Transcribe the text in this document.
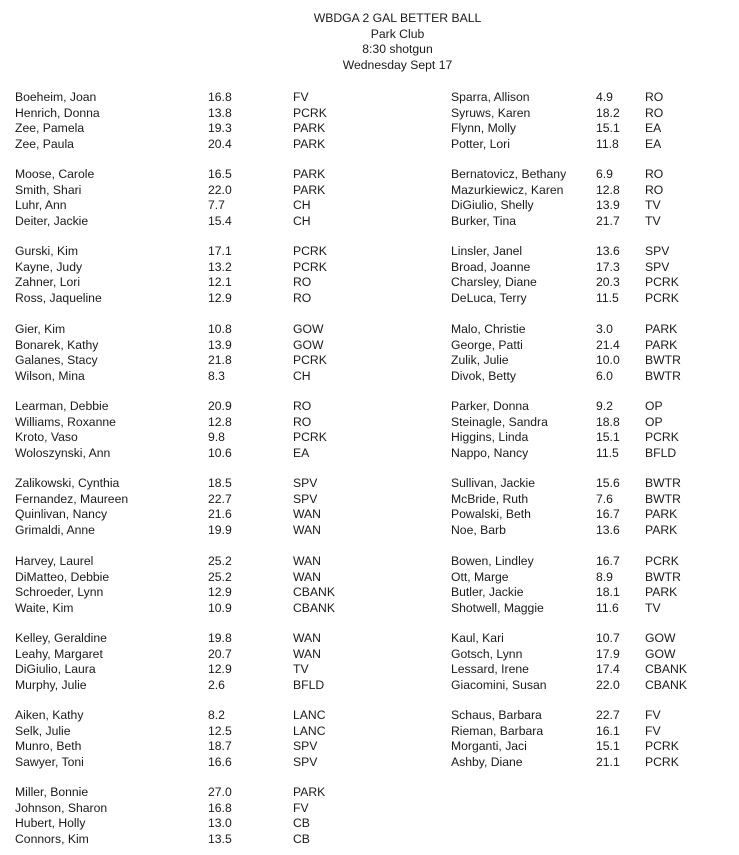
WBDGA 2 GAL BETTER BALL
Park Club
8:30 shotgun
Wednesday Sept 17
Boeheim, Joan	16.8	FV
Henrich, Donna	13.8	PCRK
Zee, Pamela	19.3	PARK
Zee, Paula	20.4	PARK
Moose, Carole	16.5	PARK
Smith, Shari	22.0	PARK
Luhr, Ann	7.7	CH
Deiter, Jackie	15.4	CH
Gurski, Kim	17.1	PCRK
Kayne, Judy	13.2	PCRK
Zahner, Lori	12.1	RO
Ross, Jaqueline	12.9	RO
Gier, Kim	10.8	GOW
Bonarek, Kathy	13.9	GOW
Galanes, Stacy	21.8	PCRK
Wilson, Mina	8.3	CH
Learman, Debbie	20.9	RO
Williams, Roxanne	12.8	RO
Kroto, Vaso	9.8	PCRK
Woloszynski, Ann	10.6	EA
Zalikowski, Cynthia	18.5	SPV
Fernandez, Maureen	22.7	SPV
Quinlivan, Nancy	21.6	WAN
Grimaldi, Anne	19.9	WAN
Harvey, Laurel	25.2	WAN
DiMatteo, Debbie	25.2	WAN
Schroeder, Lynn	12.9	CBANK
Waite, Kim	10.9	CBANK
Kelley, Geraldine	19.8	WAN
Leahy, Margaret	20.7	WAN
DiGiulio, Laura	12.9	TV
Murphy, Julie	2.6	BFLD
Aiken, Kathy	8.2	LANC
Selk, Julie	12.5	LANC
Munro, Beth	18.7	SPV
Sawyer, Toni	16.6	SPV
Miller, Bonnie	27.0	PARK
Johnson, Sharon	16.8	FV
Hubert, Holly	13.0	CB
Connors, Kim	13.5	CB
Sparra, Allison	4.9	RO
Syruws, Karen	18.2 RO
Flynn, Molly	15.1 EA
Potter, Lori	11.8 EA
Bernatovicz, Bethany 6.9	RO
Mazurkiewicz, Karen	12.8 RO
DiGiulio, Shelly	13.9 TV
Burker, Tina	21.7 TV
Linsler, Janel	13.6 SPV
Broad, Joanne	17.3 SPV
Charsley, Diane	20.3 PCRK
DeLuca, Terry	11.5 PCRK
Malo, Christie	3.0	PARK
George, Patti	21.4 PARK
Zulik, Julie	10.0 BWTR
Divok, Betty	6.0	BWTR
Parker, Donna	9.2	OP
Steinagle, Sandra	18.8 OP
Higgins, Linda	15.1 PCRK
Nappo, Nancy	11.5 BFLD
Sullivan, Jackie	15.6 BWTR
McBride, Ruth	7.6	BWTR
Powalski, Beth	16.7 PARK
Noe, Barb	13.6 PARK
Bowen, Lindley	16.7 PCRK
Ott, Marge	8.9	BWTR
Butler, Jackie	18.1 PARK
Shotwell, Maggie	11.6 TV
Kaul, Kari	10.7 GOW
Gotsch, Lynn	17.9 GOW
Lessard, Irene	17.4 CBANK
Giacomini, Susan	22.0 CBANK
Schaus, Barbara	22.7 FV
Rieman, Barbara	16.1 FV
Morganti, Jaci	15.1 PCRK
Ashby, Diane	21.1 PCRK
